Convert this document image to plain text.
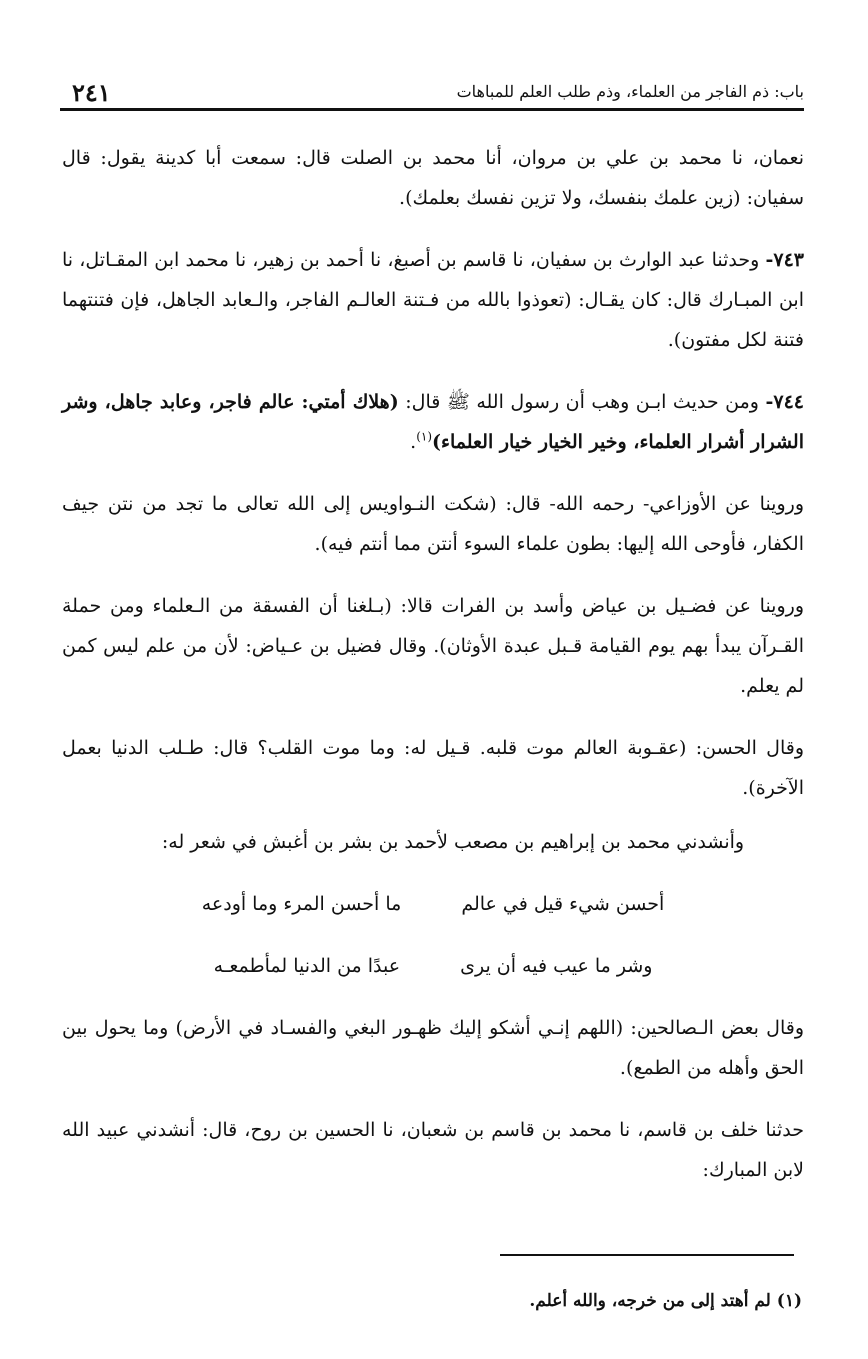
باب: ذم الفاجر من العلماء، وذم طلب العلم للمباهات
٢٤١

نعمان، نا محمد بن علي بن مروان، أنا محمد بن الصلت قال: سمعت أبا كدينة يقول: قال سفيان: (زين علمك بنفسك، ولا تزين نفسك بعلمك).

٧٤٣- وحدثنا عبد الوارث بن سفيان، نا قاسم بن أصبغ، نا أحمد بن زهير، نا محمد ابن المقـاتل، نا ابن المبـارك قال: كان يقـال: (تعوذوا بالله من فـتنة العالـم الفاجر، والـعابد الجاهل، فإن فتنتهما فتنة لكل مفتون).

٧٤٤- ومن حديث ابـن وهب أن رسول الله ﷺ قال: (هلاك أمتي: عالم فاجر، وعابد جاهل، وشر الشرار أشرار العلماء، وخير الخيار خيار العلماء)$^{(١)}$.

وروينا عن الأوزاعي- رحمه الله- قال: (شكت النـواويس إلى الله تعالى ما تجد من نتن جيف الكفار، فأوحى الله إليها: بطون علماء السوء أنتن مما أنتم فيه).

وروينا عن فضـيل بن عياض وأسد بن الفرات قالا: (بـلغنا أن الفسقة من الـعلماء ومن حملة القـرآن يبدأ بهم يوم القيامة قـبل عبدة الأوثان). وقال فضيل بن عـياض: لأن من علم ليس كمن لم يعلم.

وقال الحسن: (عقـوبة العالم موت قلبه. قـيل له: وما موت القلب؟ قال: طـلب الدنيا بعمل الآخرة).

وأنشدني محمد بن إبراهيم بن مصعب لأحمد بن بشر بن أغبش في شعر له:

أحسن شيء قيل في عالم
ما أحسن المرء وما أودعه
وشر ما عيب فيه أن يرى
عبدًا من الدنيا لمأطمعـه

وقال بعض الـصالحين: (اللهم إنـي أشكو إليك ظهـور البغي والفسـاد في الأرض) وما يحول بين الحق وأهله من الطمع).

حدثنا خلف بن قاسم، نا محمد بن قاسم بن شعبان، نا الحسين بن روح، قال: أنشدني عبيد الله لابن المبارك:

(١) لم أهتد إلى من خرجه، والله أعلم.
